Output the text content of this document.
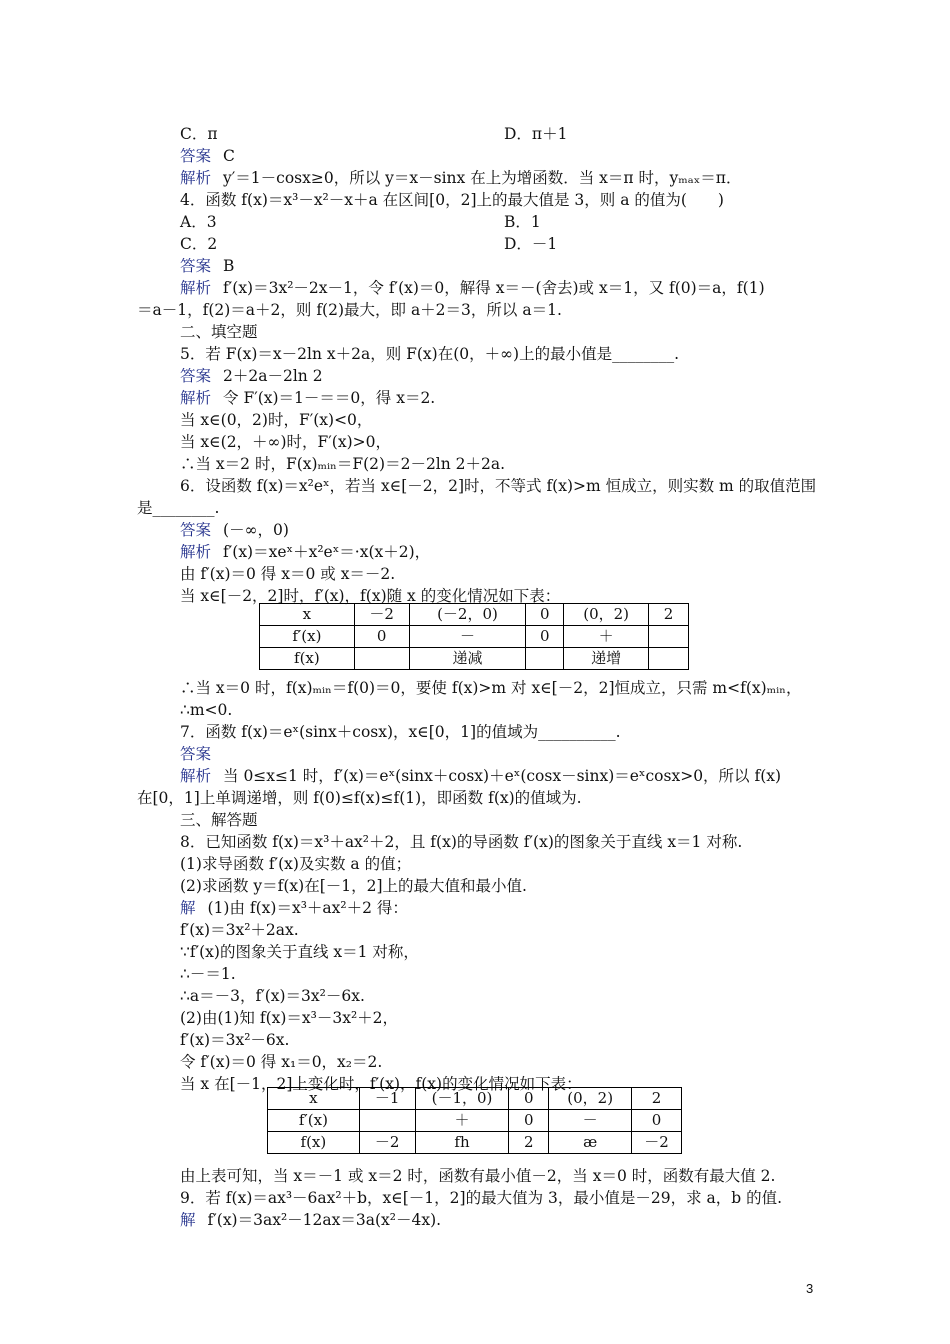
C．π	D．π＋1
答案 C
解析 y′＝1－cosx≥0，所以 y＝x－sinx 在上为增函数．当 x＝π 时，yₘₐₓ＝π．
4．函数 f(x)＝x³－x²－x＋a 在区间[0，2]上的最大值是 3，则 a 的值为(　　)
A．3	B．1
C．2	D．－1
答案 B
解析 f′(x)＝3x²－2x－1，令 f′(x)＝0，解得 x＝－(舍去)或 x＝1，又 f(0)＝a，f(1)
＝a－1，f(2)＝a＋2，则 f(2)最大，即 a＋2＝3，所以 a＝1.
二、填空题
5．若 F(x)＝x－2ln x＋2a，则 F(x)在(0，＋∞)上的最小值是________.
答案 2＋2a－2ln 2
解析 令 F′(x)＝1－＝＝0，得 x＝2.
当 x∈(0，2)时，F′(x)<0，
当 x∈(2，＋∞)时，F′(x)>0，
∴当 x＝2 时，F(x)ₘᵢₙ＝F(2)＝2－2ln 2＋2a.
6．设函数 f(x)＝x²eˣ，若当 x∈[－2，2]时，不等式 f(x)>m 恒成立，则实数 m 的取值范围
是________.
答案 (－∞，0)
解析 f′(x)＝xeˣ＋x²eˣ＝·x(x＋2)，
由 f′(x)＝0 得 x＝0 或 x＝－2.
当 x∈[－2，2]时，f′(x)，f(x)随 x 的变化情况如下表：
∴当 x＝0 时，f(x)ₘᵢₙ＝f(0)＝0，要使 f(x)>m 对 x∈[－2，2]恒成立，只需 m<f(x)ₘᵢₙ，
∴m<0.
7．函数 f(x)＝eˣ(sinx＋cosx)，x∈[0，1]的值域为__________.
答案
解析 当 0≤x≤1 时，f′(x)＝eˣ(sinx＋cosx)＋eˣ(cosx－sinx)＝eˣcosx>0，所以 f(x)
在[0，1]上单调递增，则 f(0)≤f(x)≤f(1)，即函数 f(x)的值域为.
三、解答题
8．已知函数 f(x)＝x³＋ax²＋2，且 f(x)的导函数 f′(x)的图象关于直线 x＝1 对称.
(1)求导函数 f′(x)及实数 a 的值；
(2)求函数 y＝f(x)在[－1，2]上的最大值和最小值.
解 (1)由 f(x)＝x³＋ax²＋2 得：
f′(x)＝3x²＋2ax.
∵f′(x)的图象关于直线 x＝1 对称，
∴－＝1.
∴a＝－3，f′(x)＝3x²－6x.
(2)由(1)知 f(x)＝x³－3x²＋2，
f′(x)＝3x²－6x.
令 f′(x)＝0 得 x₁＝0，x₂＝2.
当 x 在[－1，2]上变化时，f′(x)，f(x)的变化情况如下表：
由上表可知，当 x＝－1 或 x＝2 时，函数有最小值－2，当 x＝0 时，函数有最大值 2.
9．若 f(x)＝ax³－6ax²＋b，x∈[－1，2]的最大值为 3，最小值是－29，求 a，b 的值.
解 f′(x)＝3ax²－12ax＝3a(x²－4x).
x	－2	(－2，0)	0	(0，2)	2
f′(x)	0	－	0	＋	
f(x)		递减		递增	
x	－1	(－1，0)	0	(0，2)	2
f′(x)		＋	0	－	0
f(x)	－2	fh	2	æ	－2
3
